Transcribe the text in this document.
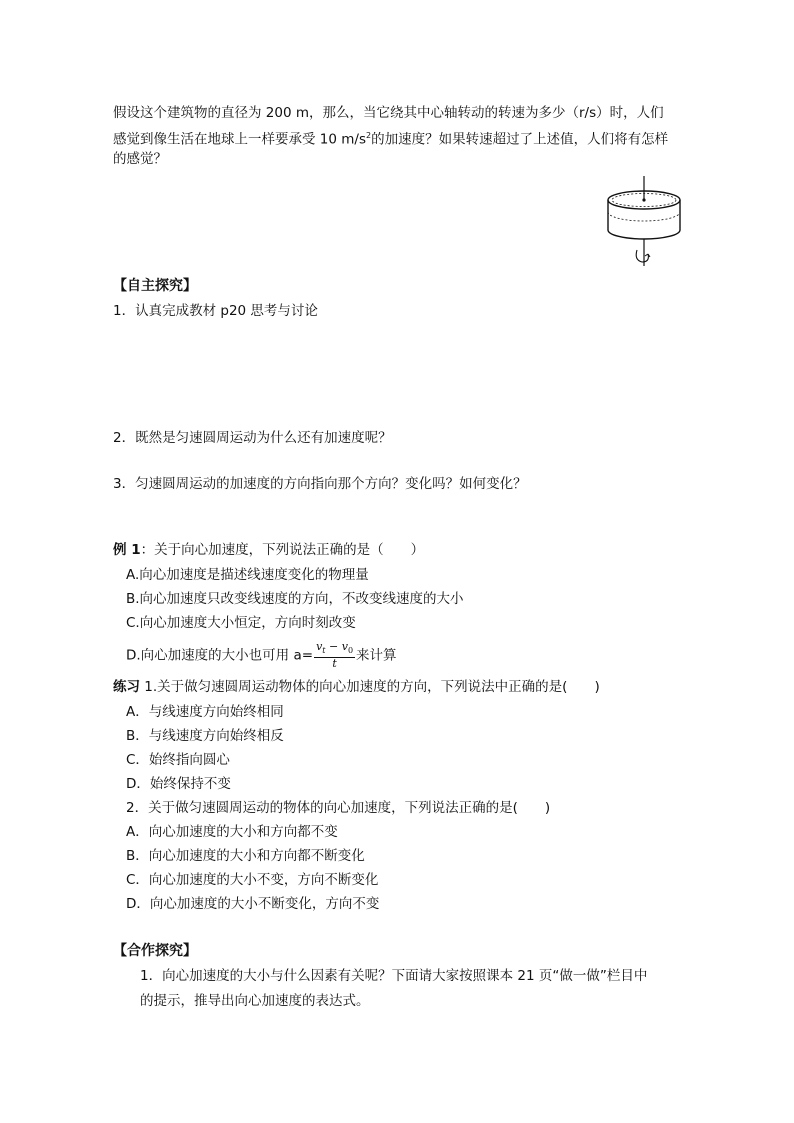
假设这个建筑物的直径为 200 m，那么，当它绕其中心轴转动的转速为多少（r/s）时，人们
感觉到像生活在地球上一样要承受 10 $m/s^2$的加速度？如果转速超过了上述值，人们将有怎样
的感觉？
【自主探究】
1．认真完成教材 p20 思考与讨论
2．既然是匀速圆周运动为什么还有加速度呢？
3．匀速圆周运动的加速度的方向指向那个方向？变化吗？如何变化？
例 1：关于向心加速度，下列说法正确的是（　　）
A.向心加速度是描述线速度变化的物理量
B.向心加速度只改变线速度的方向，不改变线速度的大小
C.向心加速度大小恒定，方向时刻改变
D.向心加速度的大小也可用 $a= \frac{v_t - v_0}{t}$ 来计算
练习 1.关于做匀速圆周运动物体的向心加速度的方向，下列说法中正确的是(　　)
A．与线速度方向始终相同
B．与线速度方向始终相反
C．始终指向圆心
D．始终保持不变
2．关于做匀速圆周运动的物体的向心加速度，下列说法正确的是(　　)
A．向心加速度的大小和方向都不变
B．向心加速度的大小和方向都不断变化
C．向心加速度的大小不变，方向不断变化
D．向心加速度的大小不断变化，方向不变
【合作探究】
1．向心加速度的大小与什么因素有关呢？下面请大家按照课本 21 页“做一做”栏目中
的提示，推导出向心加速度的表达式。
